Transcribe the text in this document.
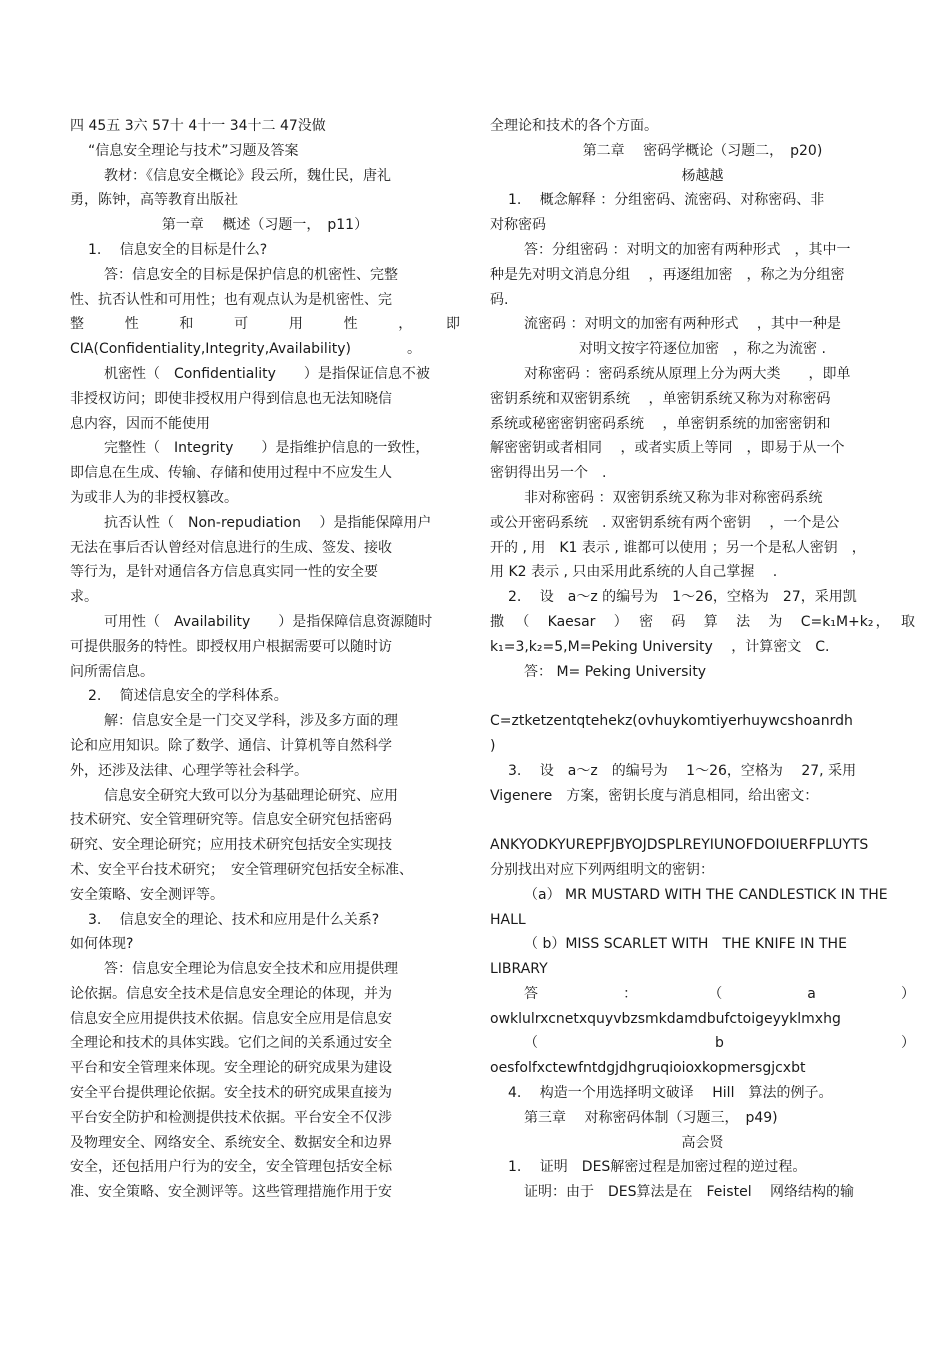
四 45五 3六 57十 4十一 34十二 47没做

“信息安全理论与技术”习题及答案

教材：《信息安全概论》段云所，魏仕民，唐礼

勇，陈钟，高等教育出版社

第一章　 概述（习题一，　p11）

1.　 信息安全的目标是什么?

答：信息安全的目标是保护信息的机密性、完整

性、抗否认性和可用性；也有观点认为是机密性、完

整　性　和　可　用　性　，　即

CIA(Confidentiality,Integrity,Availability)　　　　。

机密性（　Confidentiality　　）是指保证信息不被

非授权访问；即使非授权用户得到信息也无法知晓信

息内容，因而不能使用

完整性（　Integrity　　）是指维护信息的一致性，

即信息在生成、传输、存储和使用过程中不应发生人

为或非人为的非授权篡改。

抗否认性（　Non-repudiation　 ）是指能保障用户

无法在事后否认曾经对信息进行的生成、签发、接收

等行为，是针对通信各方信息真实同一性的安全要

求。

可用性（　Availability　　）是指保障信息资源随时

可提供服务的特性。即授权用户根据需要可以随时访

问所需信息。

2.　 简述信息安全的学科体系。

解：信息安全是一门交叉学科，涉及多方面的理

论和应用知识。除了数学、通信、计算机等自然科学

外，还涉及法律、心理学等社会科学。

信息安全研究大致可以分为基础理论研究、应用

技术研究、安全管理研究等。信息安全研究包括密码

研究、安全理论研究；应用技术研究包括安全实现技

术、安全平台技术研究；　安全管理研究包括安全标准、

安全策略、安全测评等。

3.　 信息安全的理论、技术和应用是什么关系?

如何体现?

答：信息安全理论为信息安全技术和应用提供理

论依据。信息安全技术是信息安全理论的体现，并为

信息安全应用提供技术依据。信息安全应用是信息安

全理论和技术的具体实践。它们之间的关系通过安全

平台和安全管理来体现。安全理论的研究成果为建设

安全平台提供理论依据。安全技术的研究成果直接为

平台安全防护和检测提供技术依据。平台安全不仅涉

及物理安全、网络安全、系统安全、数据安全和边界

安全，还包括用户行为的安全，安全管理包括安全标

准、安全策略、安全测评等。这些管理措施作用于安

全理论和技术的各个方面。

第二章　 密码学概论（习题二，　p20)

杨越越

1.　 概念解释 ：分组密码、流密码、对称密码、非

对称密码

答：分组密码 ：对明文的加密有两种形式　，其中一

种是先对明文消息分组　 ，再逐组加密　，称之为分组密

码.

流密码 ：对明文的加密有两种形式　 ，其中一种是

对明文按字符逐位加密　，称之为流密 .

对称密码 ：密码系统从原理上分为两大类　　，即单

密钥系统和双密钥系统　 ，单密钥系统又称为对称密码

系统或秘密密钥密码系统　 ，单密钥系统的加密密钥和

解密密钥或者相同　 ，或者实质上等同　，即易于从一个

密钥得出另一个　.

非对称密码 ：双密钥系统又称为非对称密码系统

或公开密码系统　. 双密钥系统有两个密钥　 ，一个是公

开的 , 用　K1 表示 , 谁都可以使用 ；另一个是私人密钥　，

用 K2 表示 , 只由采用此系统的人自己掌握　 .

2.　 设　a～z 的编号为　1～26，空格为　27，采用凯

撒　（　Kaesar　）　密　码　算　法　为　C=k₁M+k₂，　取

k₁=3,k₂=5,M=Peking University　 ，计算密文　C.

答： M= Peking University

C=ztketzentqtehekz(ovhuykomtiyerhuywcshoanrdh

)

3.　 设　a～z　的编号为　 1～26，空格为　 27, 采用

Vigenere　方案，密钥长度与消息相同，给出密文：

ANKYODKYUREPFJBYOJDSPLREYIUNOFDOIUERFPLUYTS

分别找出对应下列两组明文的密钥：

（a） MR MUSTARD WITH THE CANDLESTICK IN THE

HALL

（ b）MISS SCARLET WITH　THE KNIFE IN THE

LIBRARY

答　　：　　（　　a　　）

owklulrxcnetxquyvbzsmkdamdbufctoigeyyklmxhg

（　　　　b　　　　）

oesfolfxctewfntdgjdhgruqioioxkopmersgjcxbt

4.　 构造一个用选择明文破译　 Hill　算法的例子。

第三章　 对称密码体制（习题三，　p49)

高会贤

1.　 证明　DES解密过程是加密过程的逆过程。

证明：由于　DES算法是在　Feistel　 网络结构的输
